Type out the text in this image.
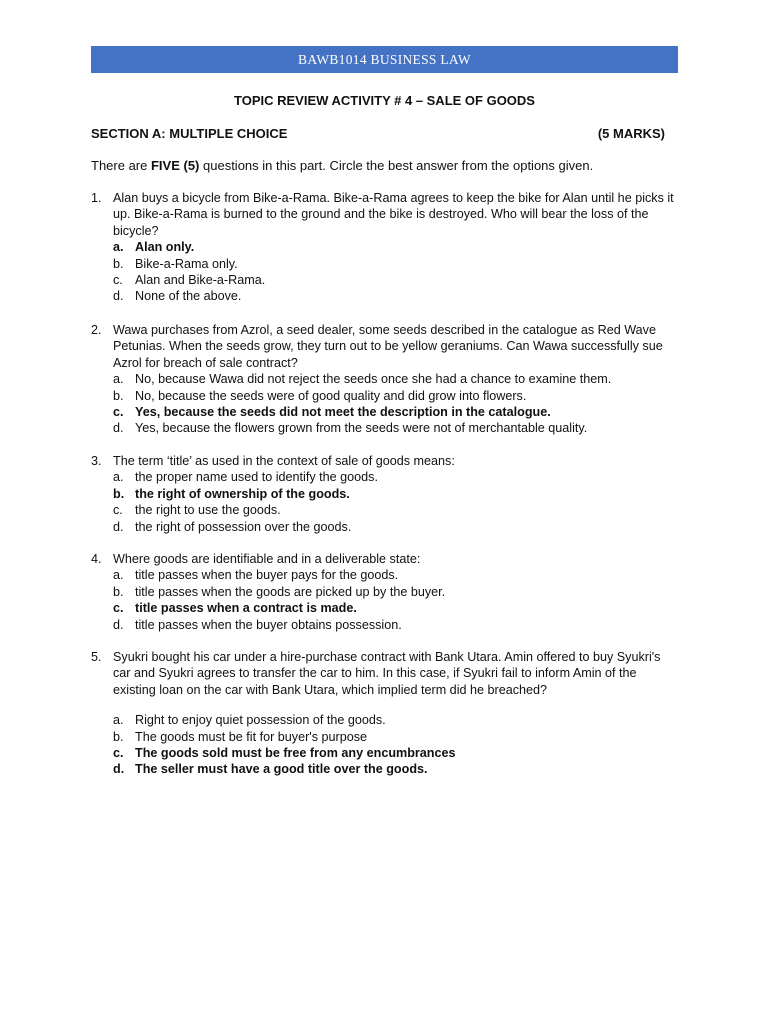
BAWB1014 BUSINESS LAW
TOPIC REVIEW ACTIVITY # 4 – SALE OF GOODS
SECTION A: MULTIPLE CHOICE	(5 MARKS)
There are FIVE (5) questions in this part. Circle the best answer from the options given.
1. Alan buys a bicycle from Bike-a-Rama. Bike-a-Rama agrees to keep the bike for Alan until he picks it up. Bike-a-Rama is burned to the ground and the bike is destroyed. Who will bear the loss of the bicycle?
a. Alan only.
b. Bike-a-Rama only.
c. Alan and Bike-a-Rama.
d. None of the above.
2. Wawa purchases from Azrol, a seed dealer, some seeds described in the catalogue as Red Wave Petunias. When the seeds grow, they turn out to be yellow geraniums. Can Wawa successfully sue Azrol for breach of sale contract?
a. No, because Wawa did not reject the seeds once she had a chance to examine them.
b. No, because the seeds were of good quality and did grow into flowers.
c. Yes, because the seeds did not meet the description in the catalogue.
d. Yes, because the flowers grown from the seeds were not of merchantable quality.
3. The term ‘title’ as used in the context of sale of goods means:
a. the proper name used to identify the goods.
b. the right of ownership of the goods.
c. the right to use the goods.
d. the right of possession over the goods.
4. Where goods are identifiable and in a deliverable state:
a. title passes when the buyer pays for the goods.
b. title passes when the goods are picked up by the buyer.
c. title passes when a contract is made.
d. title passes when the buyer obtains possession.
5. Syukri bought his car under a hire-purchase contract with Bank Utara. Amin offered to buy Syukri's car and Syukri agrees to transfer the car to him. In this case, if Syukri fail to inform Amin of the existing loan on the car with Bank Utara, which implied term did he breached?
a. Right to enjoy quiet possession of the goods.
b. The goods must be fit for buyer's purpose
c. The goods sold must be free from any encumbrances
d. The seller must have a good title over the goods.
